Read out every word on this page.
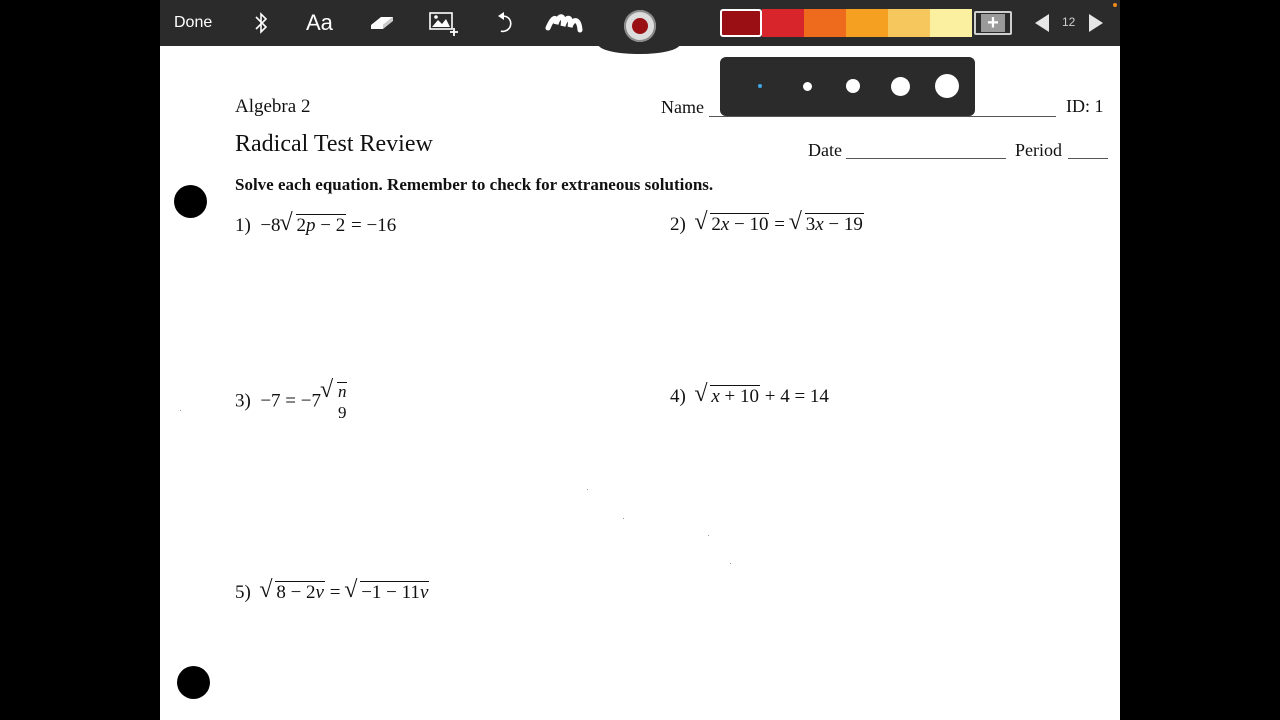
Algebra 2
Radical Test Review
Name	ID: 1
Date	Period
Solve each equation. Remember to check for extraneous solutions.
1)  −8 √ 2p − 2 = −16	2) √ 2x − 10 = √ 3x − 19
3)  −7 = −7 √ n
9
4) √ x + 10 + 4 = 14
5) √ 8 − 2v = √ −1 − 11v
Done	Aa	+	12
